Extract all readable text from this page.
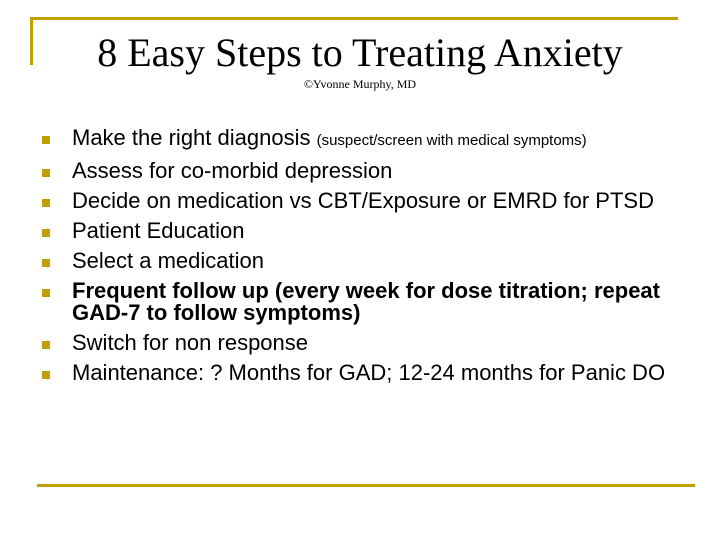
8 Easy Steps to Treating Anxiety
©Yvonne Murphy, MD
Make the right diagnosis (suspect/screen with medical symptoms)
Assess for co-morbid depression
Decide on medication vs CBT/Exposure or EMRD for PTSD
Patient Education
Select a medication
Frequent follow up (every week for dose titration; repeat GAD-7 to follow symptoms)
Switch for non response
Maintenance: ? Months for GAD; 12-24 months for Panic DO
